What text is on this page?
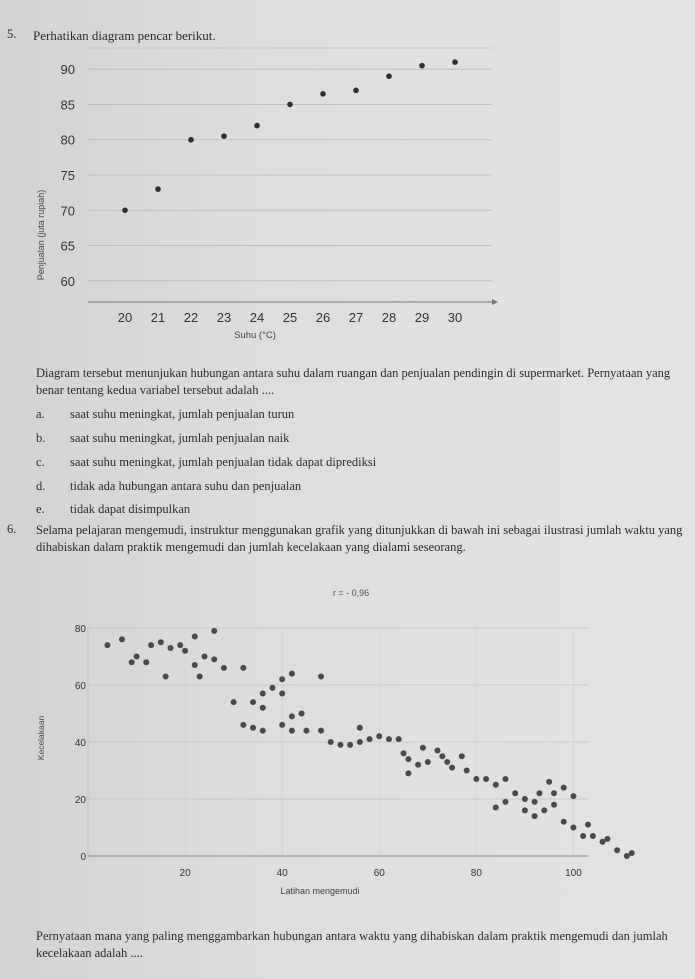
5. Perhatikan diagram pencar berikut.
60
65
70
75
80
85
90
20 21 22 23 24 25 26 27 28 29 30
Suhu (°C)
Penjualan (juta rupiah)
Diagram tersebut menunjukan hubungan antara suhu dalam ruangan dan penjualan pendingin di supermarket. Pernyataan yang benar tentang kedua variabel tersebut adalah ....
a. saat suhu meningkat, jumlah penjualan turun
b. saat suhu meningkat, jumlah penjualan naik
c. saat suhu meningkat, jumlah penjualan tidak dapat diprediksi
d. tidak ada hubungan antara suhu dan penjualan
e. tidak dapat disimpulkan
6. Selama pelajaran mengemudi, instruktur menggunakan grafik yang ditunjukkan di bawah ini sebagai ilustrasi jumlah waktu yang dihabiskan dalam praktik mengemudi dan jumlah kecelakaan yang dialami seseorang.
r = - 0,96
0
20
40
60
80
20	40	60	80	100
Latihan mengemudi
Kecelakaan
Pernyataan mana yang paling menggambarkan hubungan antara waktu yang dihabiskan dalam praktik mengemudi dan jumlah kecelakaan adalah ....
